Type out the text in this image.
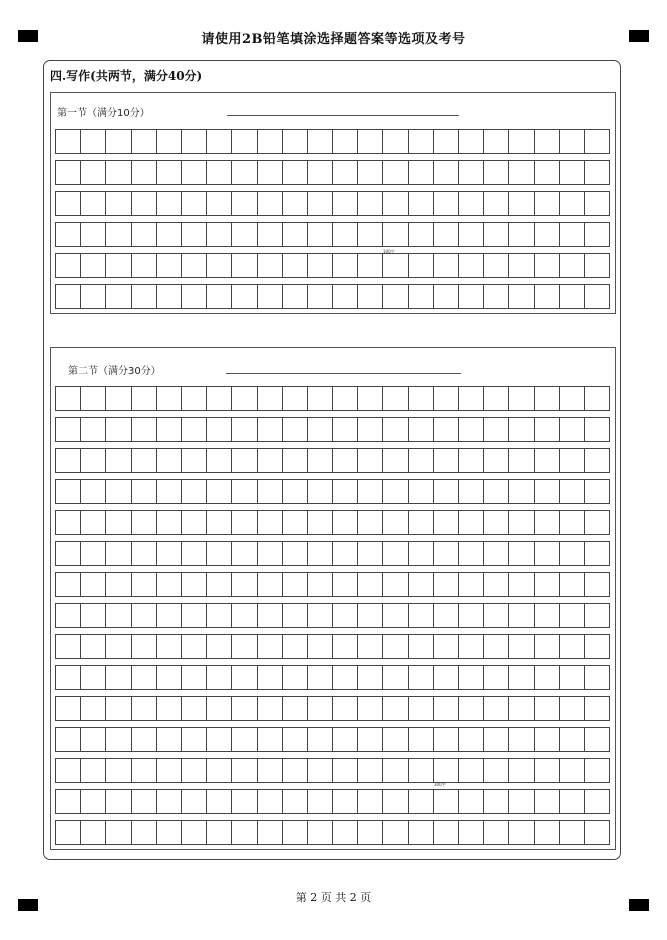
请使用2B铅笔填涂选择题答案等选项及考号
四.写作(共两节，满分40分)
第一节（满分10分）
100字
第二节（满分30分）
300字
第 2 页 共 2 页
